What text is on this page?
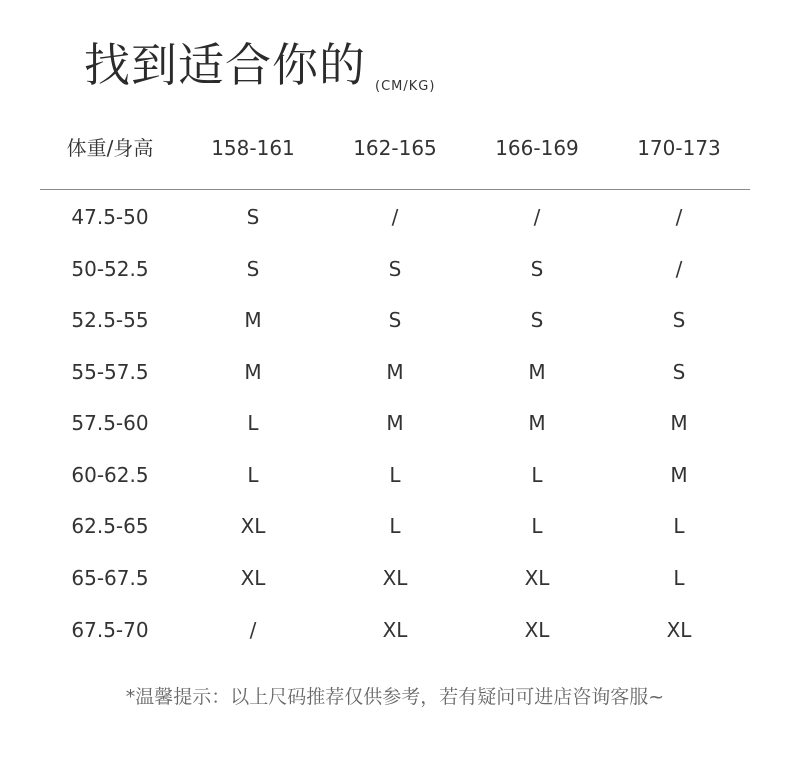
找到适合你的 (CM/KG)
体重/身高	158-161	162-165	166-169	170-173
47.5-50	S	/	/	/
50-52.5	S	S	S	/
52.5-55	M	S	S	S
55-57.5	M	M	M	S
57.5-60	L	M	M	M
60-62.5	L	L	L	M
62.5-65	XL	L	L	L
65-67.5	XL	XL	XL	L
67.5-70	/	XL	XL	XL
*温馨提示：以上尺码推荐仅供参考，若有疑问可进店咨询客服~
